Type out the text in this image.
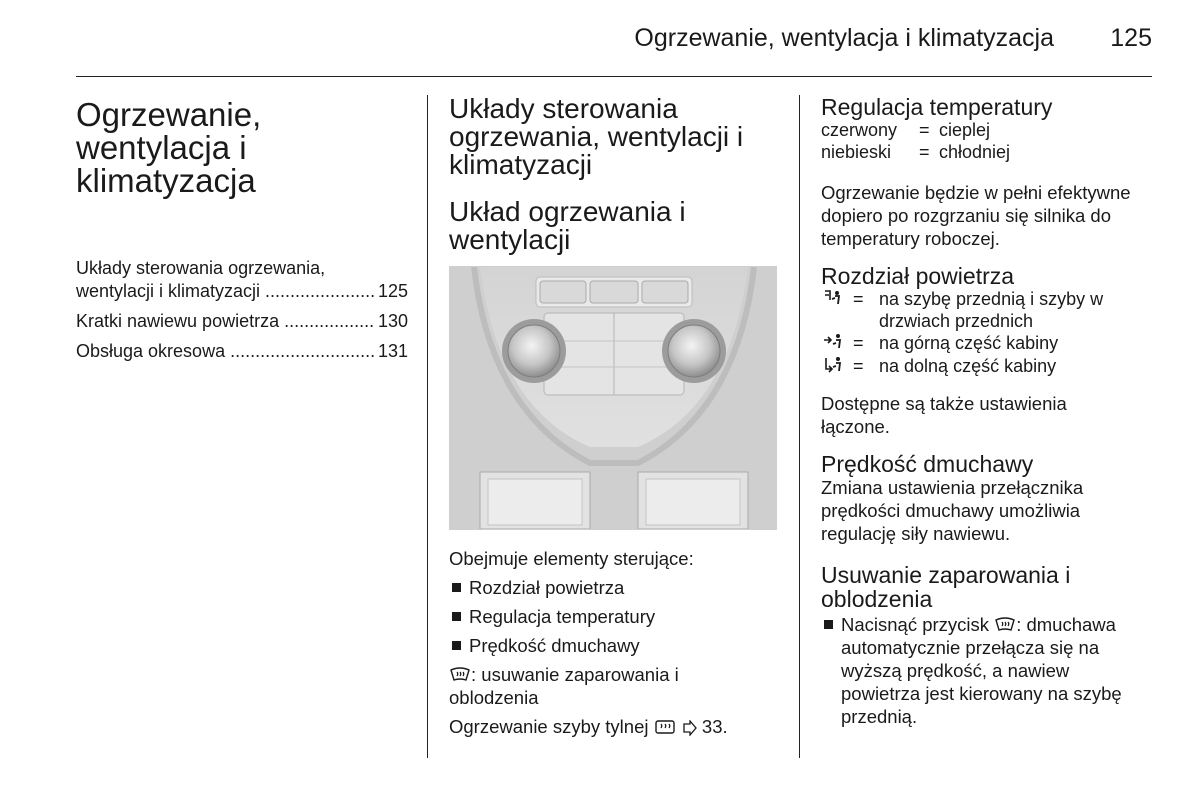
Ogrzewanie, wentylacja i klimatyzacja 125
Ogrzewanie,
wentylacja i
klimatyzacja
Układy sterowania ogrzewania,
wentylacji i klimatyzacji .....	125
Kratki nawiewu powietrza .....	130
Obsługa okresowa .....	131
Układy sterowania
ogrzewania, wentylacji i
klimatyzacji
Układ ogrzewania i
wentylacji

Obejmuje elementy sterujące:

Rozdział powietrza
Regulacja temperatury
Prędkość dmuchawy

: usuwanie zaparowania i
oblodzenia

Ogrzewanie szyby tylnej	33.

Regulacja temperatury
czerwony	= cieplej
niebieski	= chłodniej

Ogrzewanie będzie w pełni efektywne
dopiero po rozgrzaniu się silnika do
temperatury roboczej.

Rozdział powietrza
= na szybę przednią i szyby w
drzwiach przednich
= na górną część kabiny
= na dolną część kabiny

Dostępne są także ustawienia
łączone.

Prędkość dmuchawy

Zmiana ustawienia przełącznika
prędkości dmuchawy umożliwia
regulację siły nawiewu.

Usuwanie zaparowania i
oblodzenia
Nacisnąć przycisk : dmuchawa
automatycznie przełącza się na
wyższą prędkość, a nawiew
powietrza jest kierowany na szybę
przednią.
